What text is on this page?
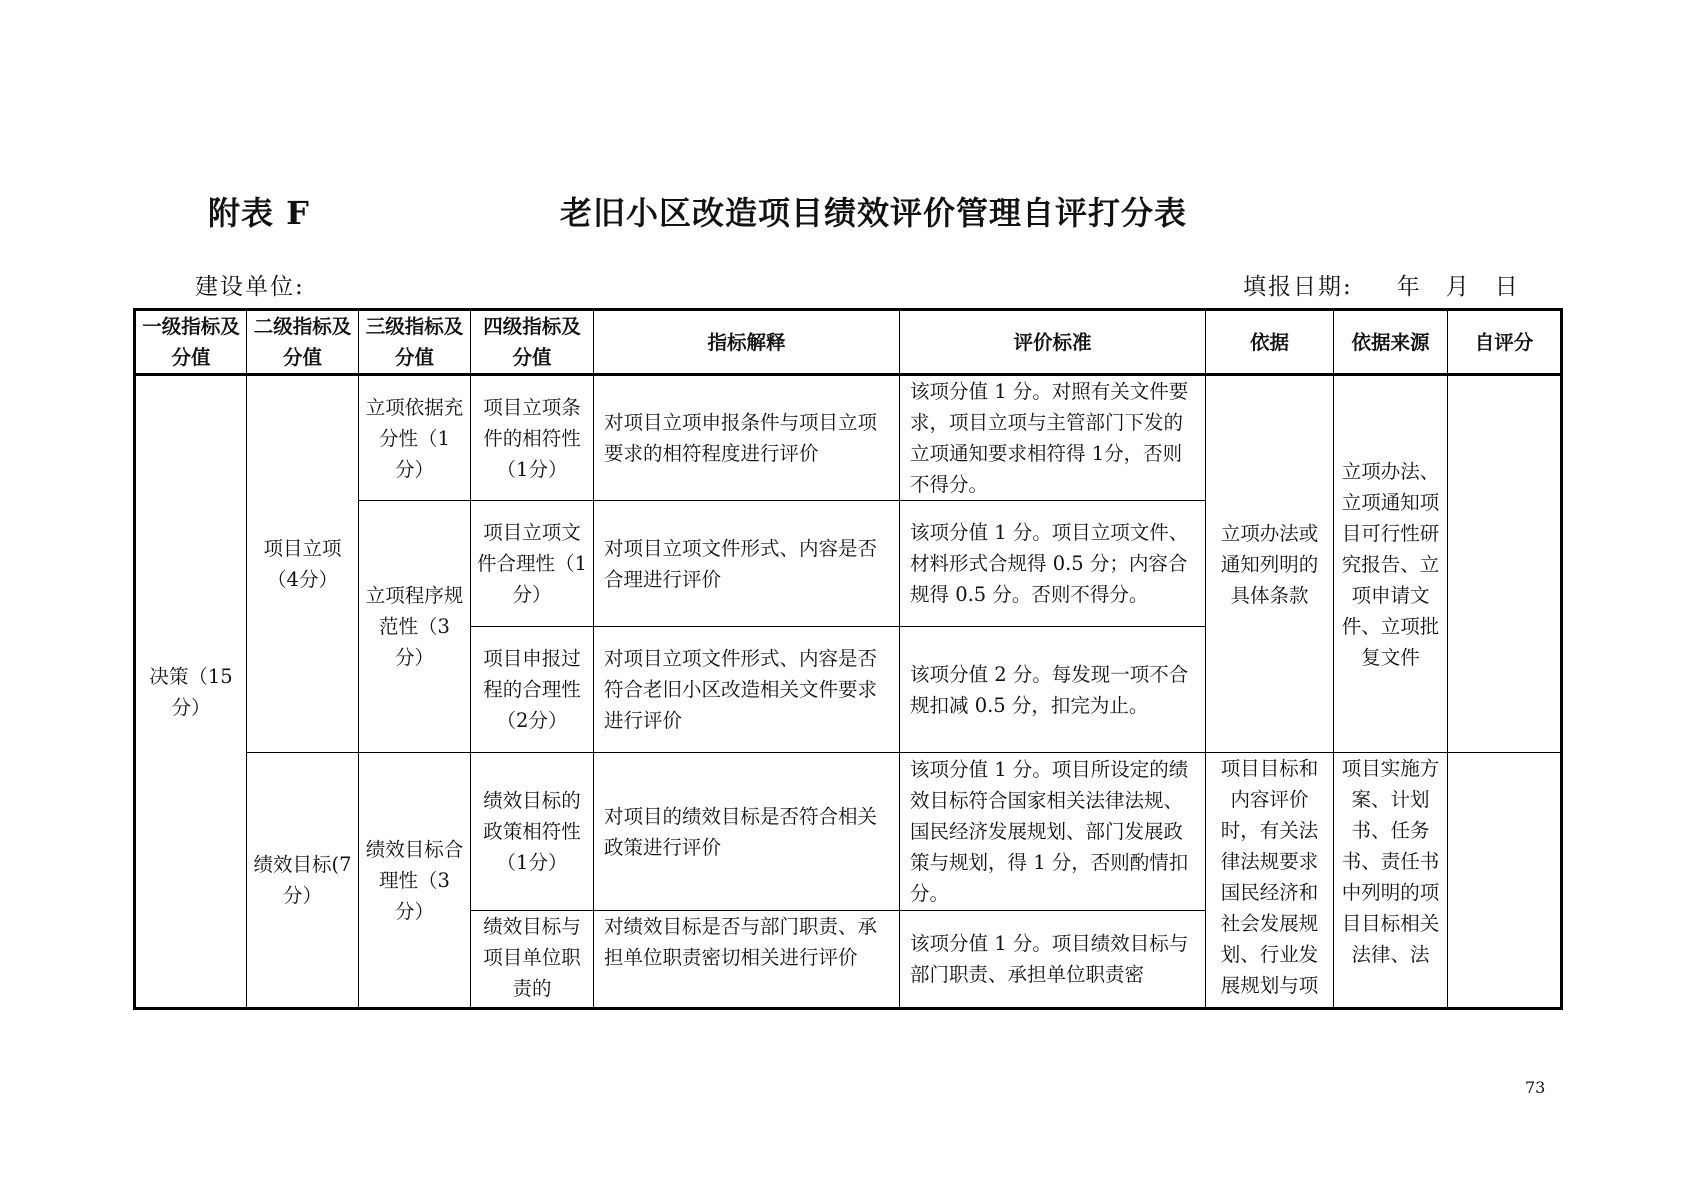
附表 F	老旧小区改造项目绩效评价管理自评打分表
建设单位:	填报日期: 年 月 日
一级指标及分值	二级指标及分值	三级指标及分值	四级指标及分值	指标解释	评价标准	依据	依据来源	自评分
决策（15分）	项目立项（4分）	立项依据充分性（1分）	项目立项条件的相符性（1分）	对项目立项申报条件与项目立项要求的相符程度进行评价	该项分值 1 分。对照有关文件要求，项目立项与主管部门下发的立项通知要求相符得 1分，否则不得分。	立项办法或通知列明的具体条款	立项办法、立项通知项目可行性研究报告、立项申请文件、立项批复文件	
		立项程序规范性（3分）	项目立项文件合理性（1分）	对项目立项文件形式、内容是否合理进行评价	该项分值 1 分。项目立项文件、材料形式合规得 0.5 分；内容合规得 0.5 分。否则不得分。			
			项目申报过程的合理性（2分）	对项目立项文件形式、内容是否符合老旧小区改造相关文件要求进行评价	该项分值 2 分。每发现一项不合规扣减 0.5 分，扣完为止。			
	绩效目标(7分）	绩效目标合理性（3分）	绩效目标的政策相符性（1分）	对项目的绩效目标是否符合相关政策进行评价	该项分值 1 分。项目所设定的绩效目标符合国家相关法律法规、国民经济发展规划、部门发展政策与规划，得 1 分，否则酌情扣分。	项目目标和内容评价时，有关法律法规要求国民经济和社会发展规划、行业发展规划与项	项目实施方案、计划书、任务书、责任书中列明的项目目标相关法律、法	
			绩效目标与项目单位职责的	对绩效目标是否与部门职责、承担单位职责密切相关进行评价	该项分值 1 分。项目绩效目标与部门职责、承担单位职责密			
73
